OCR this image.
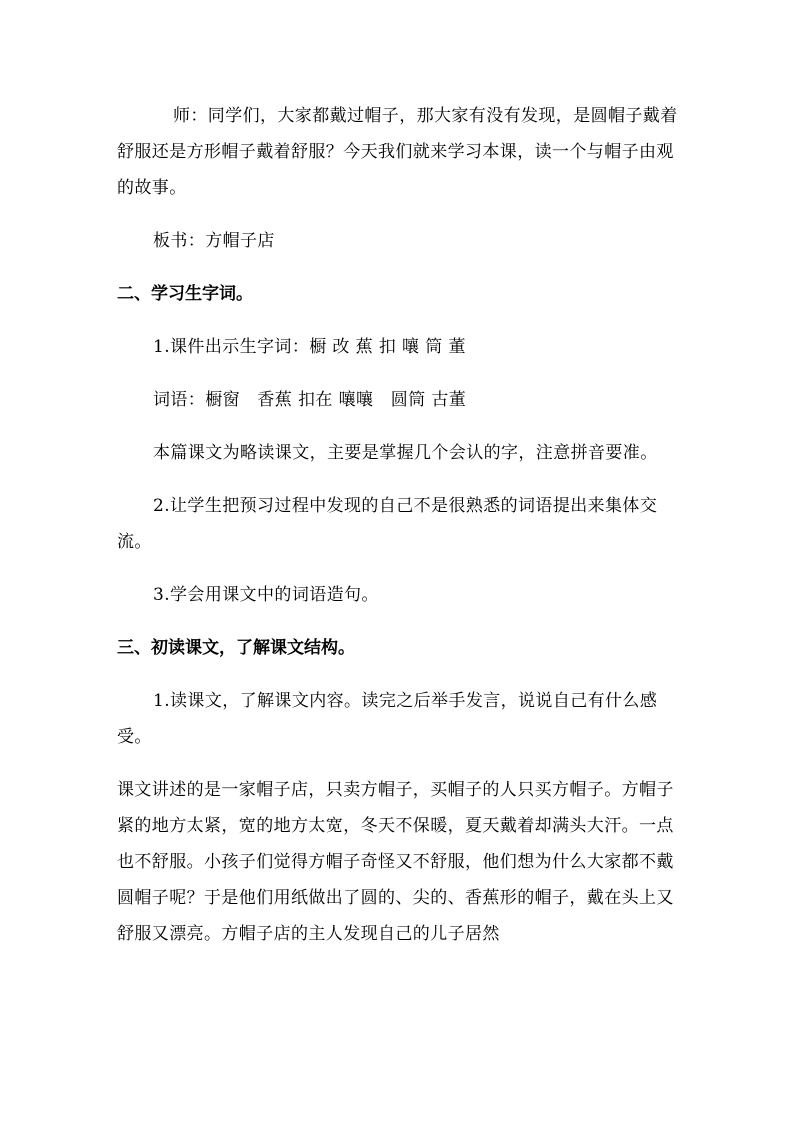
师：同学们，大家都戴过帽子，那大家有没有发现，是圆帽子戴着舒服还是方形帽子戴着舒服？今天我们就来学习本课，读一个与帽子由观的故事。

板书：方帽子店

二、学习生字词。

1.课件出示生字词：橱 改 蕉 扣 嚷 筒 董

词语：橱窗　香蕉 扣在 嚷嚷　圆筒 古董

本篇课文为略读课文，主要是掌握几个会认的字，注意拼音要准。

2.让学生把预习过程中发现的自己不是很熟悉的词语提出来集体交流。

3.学会用课文中的词语造句。

三、初读课文，了解课文结构。

1.读课文，了解课文内容。读完之后举手发言，说说自己有什么感受。

课文讲述的是一家帽子店，只卖方帽子，买帽子的人只买方帽子。方帽子紧的地方太紧，宽的地方太宽，冬天不保暖，夏天戴着却满头大汗。一点也不舒服。小孩子们觉得方帽子奇怪又不舒服，他们想为什么大家都不戴圆帽子呢？于是他们用纸做出了圆的、尖的、香蕉形的帽子，戴在头上又舒服又漂亮。方帽子店的主人发现自己的儿子居然
